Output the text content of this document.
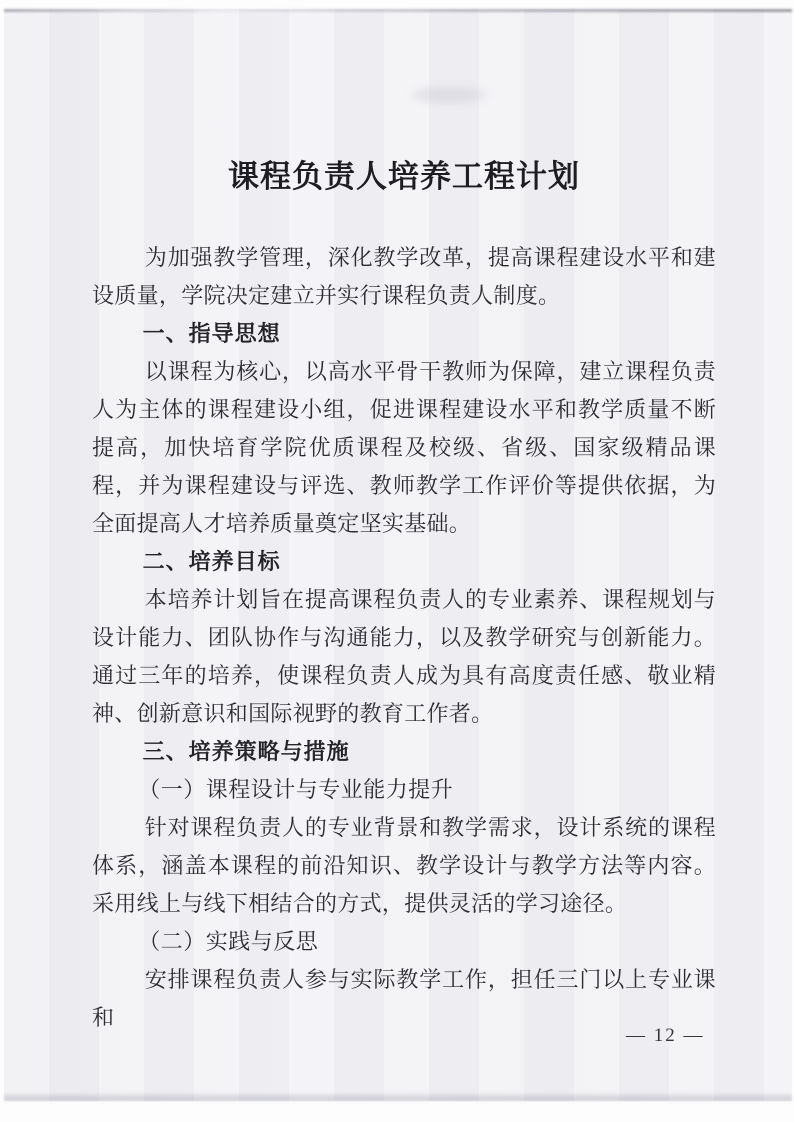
课程负责人培养工程计划
为加强教学管理，深化教学改革，提高课程建设水平和建设质量，学院决定建立并实行课程负责人制度。
一、指导思想
以课程为核心，以高水平骨干教师为保障，建立课程负责人为主体的课程建设小组，促进课程建设水平和教学质量不断提高，加快培育学院优质课程及校级、省级、国家级精品课程，并为课程建设与评选、教师教学工作评价等提供依据，为全面提高人才培养质量奠定坚实基础。
二、培养目标
本培养计划旨在提高课程负责人的专业素养、课程规划与设计能力、团队协作与沟通能力，以及教学研究与创新能力。通过三年的培养，使课程负责人成为具有高度责任感、敬业精神、创新意识和国际视野的教育工作者。
三、培养策略与措施
（一）课程设计与专业能力提升
针对课程负责人的专业背景和教学需求，设计系统的课程体系，涵盖本课程的前沿知识、教学设计与教学方法等内容。采用线上与线下相结合的方式，提供灵活的学习途径。
（二）实践与反思
安排课程负责人参与实际教学工作，担任三门以上专业课和
— 12 —
